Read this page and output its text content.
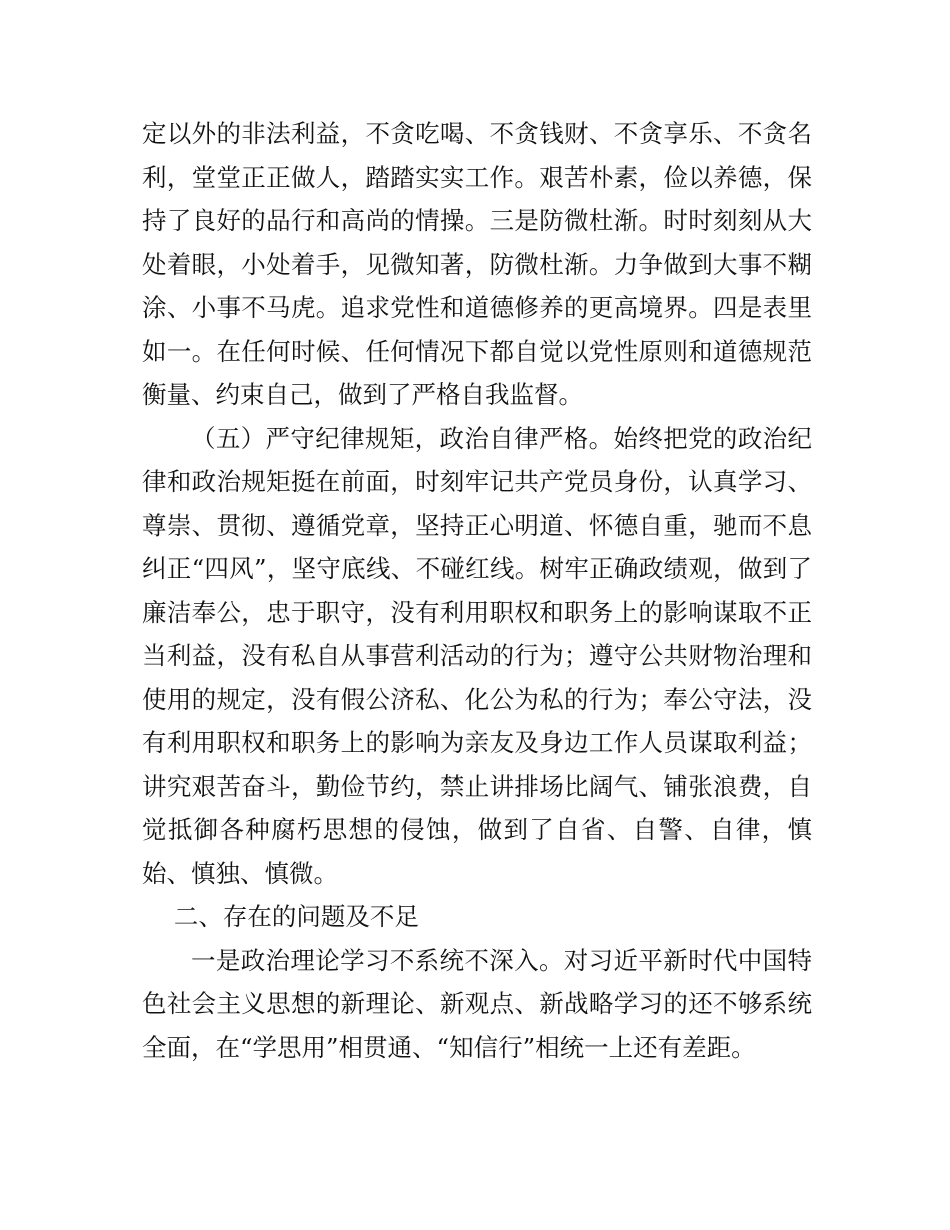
定以外的非法利益，不贪吃喝、不贪钱财、不贪享乐、不贪名利，堂堂正正做人，踏踏实实工作。艰苦朴素，俭以养德，保持了良好的品行和高尚的情操。三是防微杜渐。时时刻刻从大处着眼，小处着手，见微知著，防微杜渐。力争做到大事不糊涂、小事不马虎。追求党性和道德修养的更高境界。四是表里如一。在任何时候、任何情况下都自觉以党性原则和道德规范衡量、约束自己，做到了严格自我监督。

（五）严守纪律规矩，政治自律严格。始终把党的政治纪律和政治规矩挺在前面，时刻牢记共产党员身份，认真学习、尊崇、贯彻、遵循党章，坚持正心明道、怀德自重，驰而不息纠正“四风”，坚守底线、不碰红线。树牢正确政绩观，做到了廉洁奉公，忠于职守，没有利用职权和职务上的影响谋取不正当利益，没有私自从事营利活动的行为；遵守公共财物治理和使用的规定，没有假公济私、化公为私的行为；奉公守法，没有利用职权和职务上的影响为亲友及身边工作人员谋取利益；讲究艰苦奋斗，勤俭节约，禁止讲排场比阔气、铺张浪费，自觉抵御各种腐朽思想的侵蚀，做到了自省、自警、自律，慎始、慎独、慎微。

二、存在的问题及不足

一是政治理论学习不系统不深入。对习近平新时代中国特色社会主义思想的新理论、新观点、新战略学习的还不够系统全面，在“学思用”相贯通、“知信行”相统一上还有差距。
